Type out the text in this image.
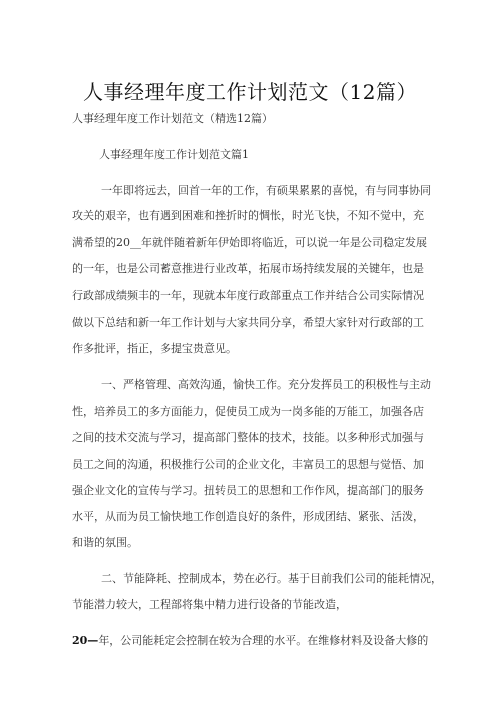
人事经理年度工作计划范文（12篇）
人事经理年度工作计划范文（精选12篇）
人事经理年度工作计划范文篇1
一年即将远去，回首一年的工作，有硕果累累的喜悦，有与同事协同
攻关的艰辛，也有遇到困难和挫折时的惆怅，时光飞快，不知不觉中，充
满希望的20__年就伴随着新年伊始即将临近，可以说一年是公司稳定发展
的一年，也是公司蓄意推进行业改革，拓展市场持续发展的关键年，也是
行政部成绩频丰的一年，现就本年度行政部重点工作并结合公司实际情况
做以下总结和新一年工作计划与大家共同分享，希望大家针对行政部的工
作多批评，指正，多提宝贵意见。
一、严格管理、高效沟通，愉快工作。充分发挥员工的积极性与主动
性，培养员工的多方面能力，促使员工成为一岗多能的万能工，加强各店
之间的技术交流与学习，提高部门整体的技术，技能。以多种形式加强与
员工之间的沟通，积极推行公司的企业文化，丰富员工的思想与觉悟、加
强企业文化的宣传与学习。扭转员工的思想和工作作风，提高部门的服务
水平，从而为员工愉快地工作创造良好的条件，形成团结、紧张、活泼，
和谐的氛围。
二、节能降耗、控制成本，势在必行。基于目前我们公司的能耗情况，
节能潜力较大，工程部将集中精力进行设备的节能改造，
20—年，公司能耗定会控制在较为合理的水平。在维修材料及设备大修的
